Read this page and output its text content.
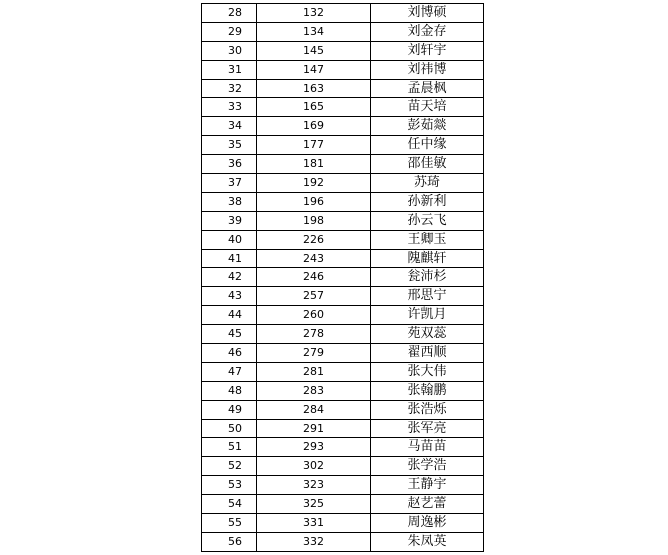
28	132	刘博硕
29	134	刘金存
30	145	刘轩宇
31	147	刘祎博
32	163	孟晨枫
33	165	苗天培
34	169	彭茹燚
35	177	任中缘
36	181	邵佳敏
37	192	苏琦
38	196	孙新利
39	198	孙云飞
40	226	王卿玉
41	243	隗麒轩
42	246	瓮沛杉
43	257	邢思宁
44	260	许凯月
45	278	苑双蕊
46	279	翟西顺
47	281	张大伟
48	283	张翰鹏
49	284	张浩烁
50	291	张军亮
51	293	马苗苗
52	302	张学浩
53	323	王静宇
54	325	赵艺蕾
55	331	周逸彬
56	332	朱凤英
